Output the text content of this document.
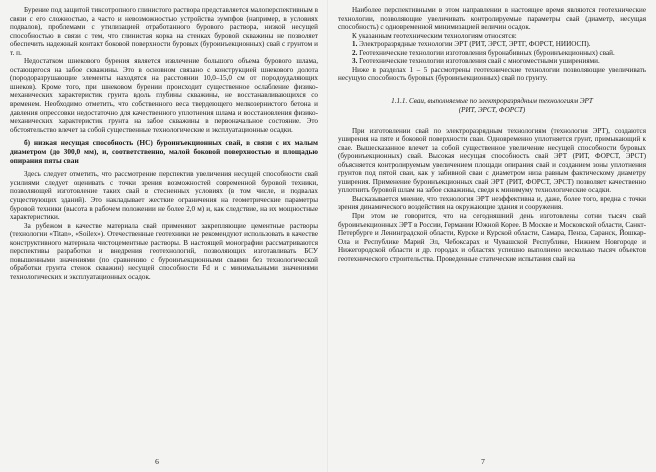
Бурение под защитой тиксотропного глинистого раствора представляется малоперспективным в связи с его сложностью, а часто и невозможностью устройства зумпфов (например, в условиях подвалов), проблемами с утилизацией отработанного бурового раствора, низкой несущей способностью в связи с тем, что глинистая корка на стенках буровой скважины не позволяет обеспечить надежный контакт боковой поверхности буровых (буроинъекционных) свай с грунтом и т. п.

Недостатком шнекового бурения является извлечение большого объема бурового шлама, остающегося на забое скважины. Это в основном связано с конструкцией шнекового долота (породоразрушающие элементы находятся на расстоянии 10,0–15,0 см от породоудаляющих шнеков). Кроме того, при шнековом бурении происходит существенное ослабление физико-механических характеристик грунта вдоль глубины скважины, не восстанавливающихся со временем. Необходимо отметить, что собственного веса твердеющего мелкозернистого бетона и давления опрессовки недостаточно для качественного уплотнения шлама и восстановления физико-механических характеристик грунта на забое скважины в первоначальное состояние. Это обстоятельство влечет за собой существенные технологические и эксплуатационные осадки.

б) низкая несущая способность (НС) буроинъекционных свай, в связи с их малым диаметром (до 300,0 мм), и, соответственно, малой боковой поверхностью и площадью опирания пяты сваи

Здесь следует отметить, что рассмотрение перспектив увеличения несущей способности свай усилиями следует оценивать с точки зрения возможностей современной буровой техники, позволяющей изготовление таких свай в стесненных условиях (в том числе, и подвалах существующих зданий). Это накладывает жесткие ограничения на геометрические параметры буровой техники (высота в рабочем положении не более 2,0 м) и, как следствие, на их мощностные характеристики.

За рубежом в качестве материала свай применяют закрепляющие цементные растворы (технологии «Titan», «Soilex»). Отечественные геотехники не рекомендуют использовать в качестве конструктивного материала чистоцементные растворы. В настоящей монографии рассматриваются перспективы разработки и внедрения геотехнологий, позволяющих изготавливать БСУ повышенными значениями (по сравнению с буроинъекционными сваями без технологической обработки грунта стенок скважин) несущей способности Fd и с минимальными значениями технологических и эксплуатационных осадок.

6

Наиболее перспективными в этом направлении в настоящее время являются геотехнические технологии, позволяющие увеличивать контролируемые параметры свай (диаметр, несущая способность) с одновременной минимизацией величин осадок.

К указанным геотехническим технологиям относятся:

1. Электроразрядные технологии ЭРТ (РИТ, ЭРСТ, ЭРТГ, ФОРСТ, НИИОСП).

2. Геотехнические технологии изготовления буронабивных (буроинъекционных) свай.

3. Геотехнические технологии изготовления свай с многоместными уширениями.

Ниже в разделах 1 – 5 рассмотрены геотехнические технологии позволяющие увеличивать несущую способность буровых (буроинъекционных) свай по грунту.

1.1.1. Сваи, выполняемые по электроразрядным технологиям ЭРТ
(РИТ, ЭРСТ, ФОРСТ)

При изготовлении свай по электроразрядным технологиям (технология ЭРТ), создаются уширения на пяте и боковой поверхности сваи. Одновременно уплотняется грунт, примыкающий к свае. Вышесказанное влечет за собой существенное увеличение несущей способности буровых (буроинъекционных) свай. Высокая несущая способность свай ЭРТ (РИТ, ФОРСТ, ЭРСТ) объясняется контролируемым увеличением площади опирания свай и созданием зоны уплотнения грунтов под пятой сваи, как у забивной сваи с диаметром низа равным фактическому диаметру уширения. Применение буроинъекционных свай ЭРТ (РИТ, ФОРСТ, ЭРСТ) позволяет качественно уплотнить буровой шлам на забое скважины, сведя к минимуму технологические осадки.

Высказывается мнение, что технология ЭРТ неэффективна и, даже, более того, вредна с точки зрения динамического воздействия на окружающие здания и сооружения.

При этом не говорится, что на сегодняшний день изготовлены сотни тысяч свай буроинъекционных ЭРТ в России, Германии Южной Корее. В Москве и Московской области, Санкт-Петербурге и Ленинградской области, Курске и Курской области, Самара, Пенза, Саранск, Йошкар-Ола и Республике Марий Эл, Чебоксарах и Чувашской Республике, Нижнем Новгороде и Нижегородской области и др. городах и областях успешно выполнено несколько тысяч объектов геотехнического строительства. Проведенные статические испытания свай на

7
